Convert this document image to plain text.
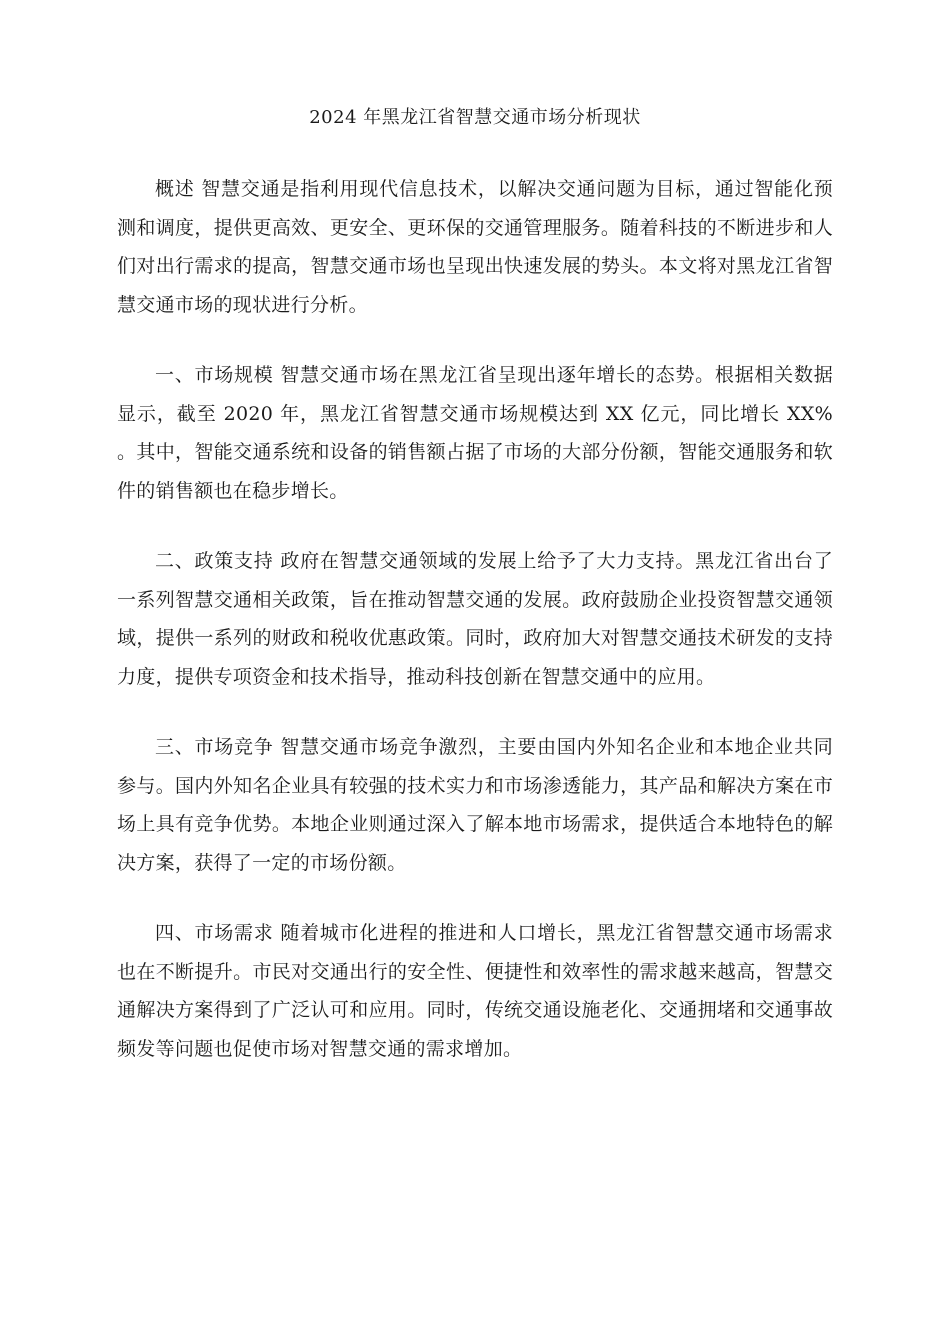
2024 年黑龙江省智慧交通市场分析现状

概述 智慧交通是指利用现代信息技术，以解决交通问题为目标，通过智能化预测和调度，提供更高效、更安全、更环保的交通管理服务。随着科技的不断进步和人们对出行需求的提高，智慧交通市场也呈现出快速发展的势头。本文将对黑龙江省智慧交通市场的现状进行分析。

一、市场规模 智慧交通市场在黑龙江省呈现出逐年增长的态势。根据相关数据显示，截至 2020 年，黑龙江省智慧交通市场规模达到 XX 亿元，同比增长 XX% 。其中，智能交通系统和设备的销售额占据了市场的大部分份额，智能交通服务和软件的销售额也在稳步增长。

二、政策支持 政府在智慧交通领域的发展上给予了大力支持。黑龙江省出台了一系列智慧交通相关政策，旨在推动智慧交通的发展。政府鼓励企业投资智慧交通领域，提供一系列的财政和税收优惠政策。同时，政府加大对智慧交通技术研发的支持力度，提供专项资金和技术指导，推动科技创新在智慧交通中的应用。

三、市场竞争 智慧交通市场竞争激烈，主要由国内外知名企业和本地企业共同参与。国内外知名企业具有较强的技术实力和市场渗透能力，其产品和解决方案在市场上具有竞争优势。本地企业则通过深入了解本地市场需求，提供适合本地特色的解决方案，获得了一定的市场份额。

四、市场需求 随着城市化进程的推进和人口增长，黑龙江省智慧交通市场需求也在不断提升。市民对交通出行的安全性、便捷性和效率性的需求越来越高，智慧交通解决方案得到了广泛认可和应用。同时，传统交通设施老化、交通拥堵和交通事故频发等问题也促使市场对智慧交通的需求增加。
